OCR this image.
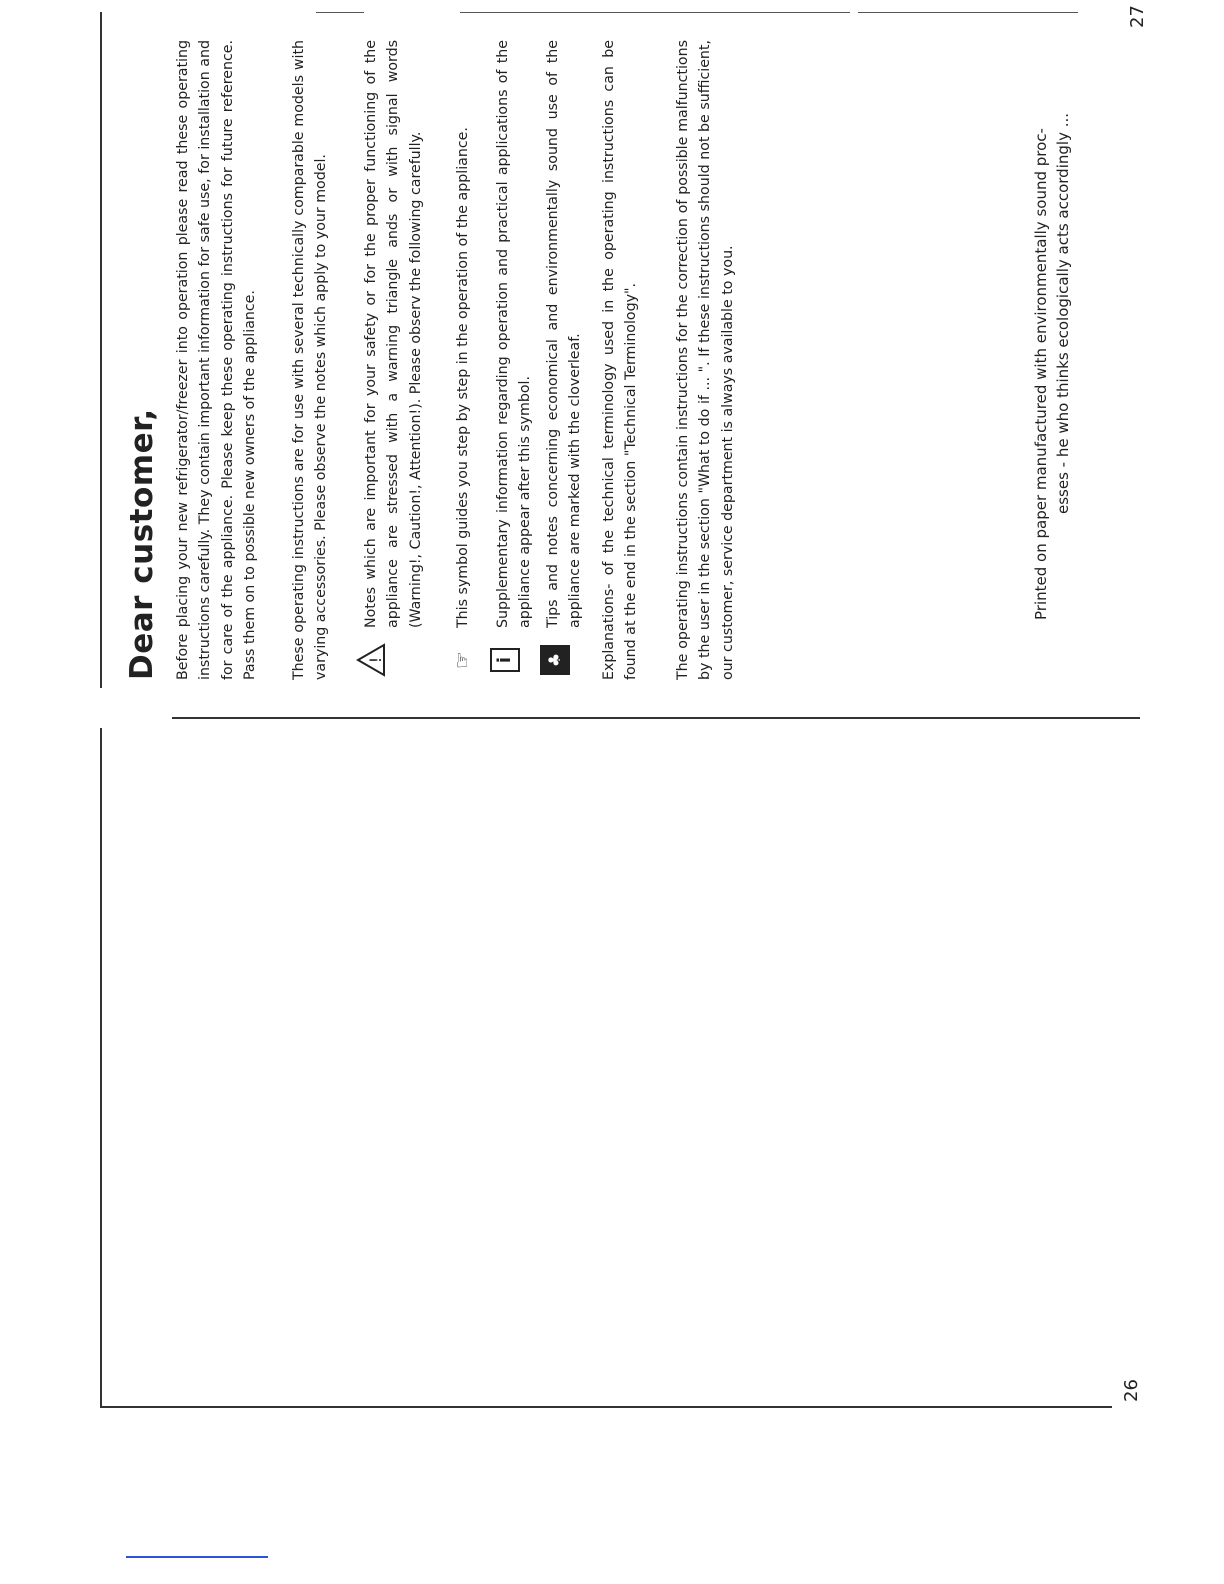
26
27
Dear customer, Before placing your new refrigerator/freezer into operation please read these operating instructions carefully. They contain important information for safe use, for installation and for care of the appliance. Please keep these operating instructions for future reference. Pass them on to possible new owners of the appliance. These operating instructions are for use with several technically comparable models with varying accessories. Please observe the notes which apply to your model. !
Notes which are important for your safety or for the proper functioning of the appliance are stressed with a warning triangle ands or with signal words (Warning!, Caution!, Attention!). Please observ the following carefully.
☞
This symbol guides you step by step in the operation of the appliance.
i
Supplementary information regarding operation and practical applications of the appliance appear after this symbol.
♣
Tips and notes concerning economical and environmentally sound use of the appliance are marked with the cloverleaf. Explanations- of the technical terminology used in the operating instructions can be found at the end in the section "Technical Terminology".	The operating instructions contain instructions for the correction of possible malfunctions by the user in the section "What to do if ... ". If these instructions should not be sufficient, our customer, service department is always available to you.	Printed on paper manufactured with environmentally sound proc- esses - he who thinks ecologically acts accordingly ...
